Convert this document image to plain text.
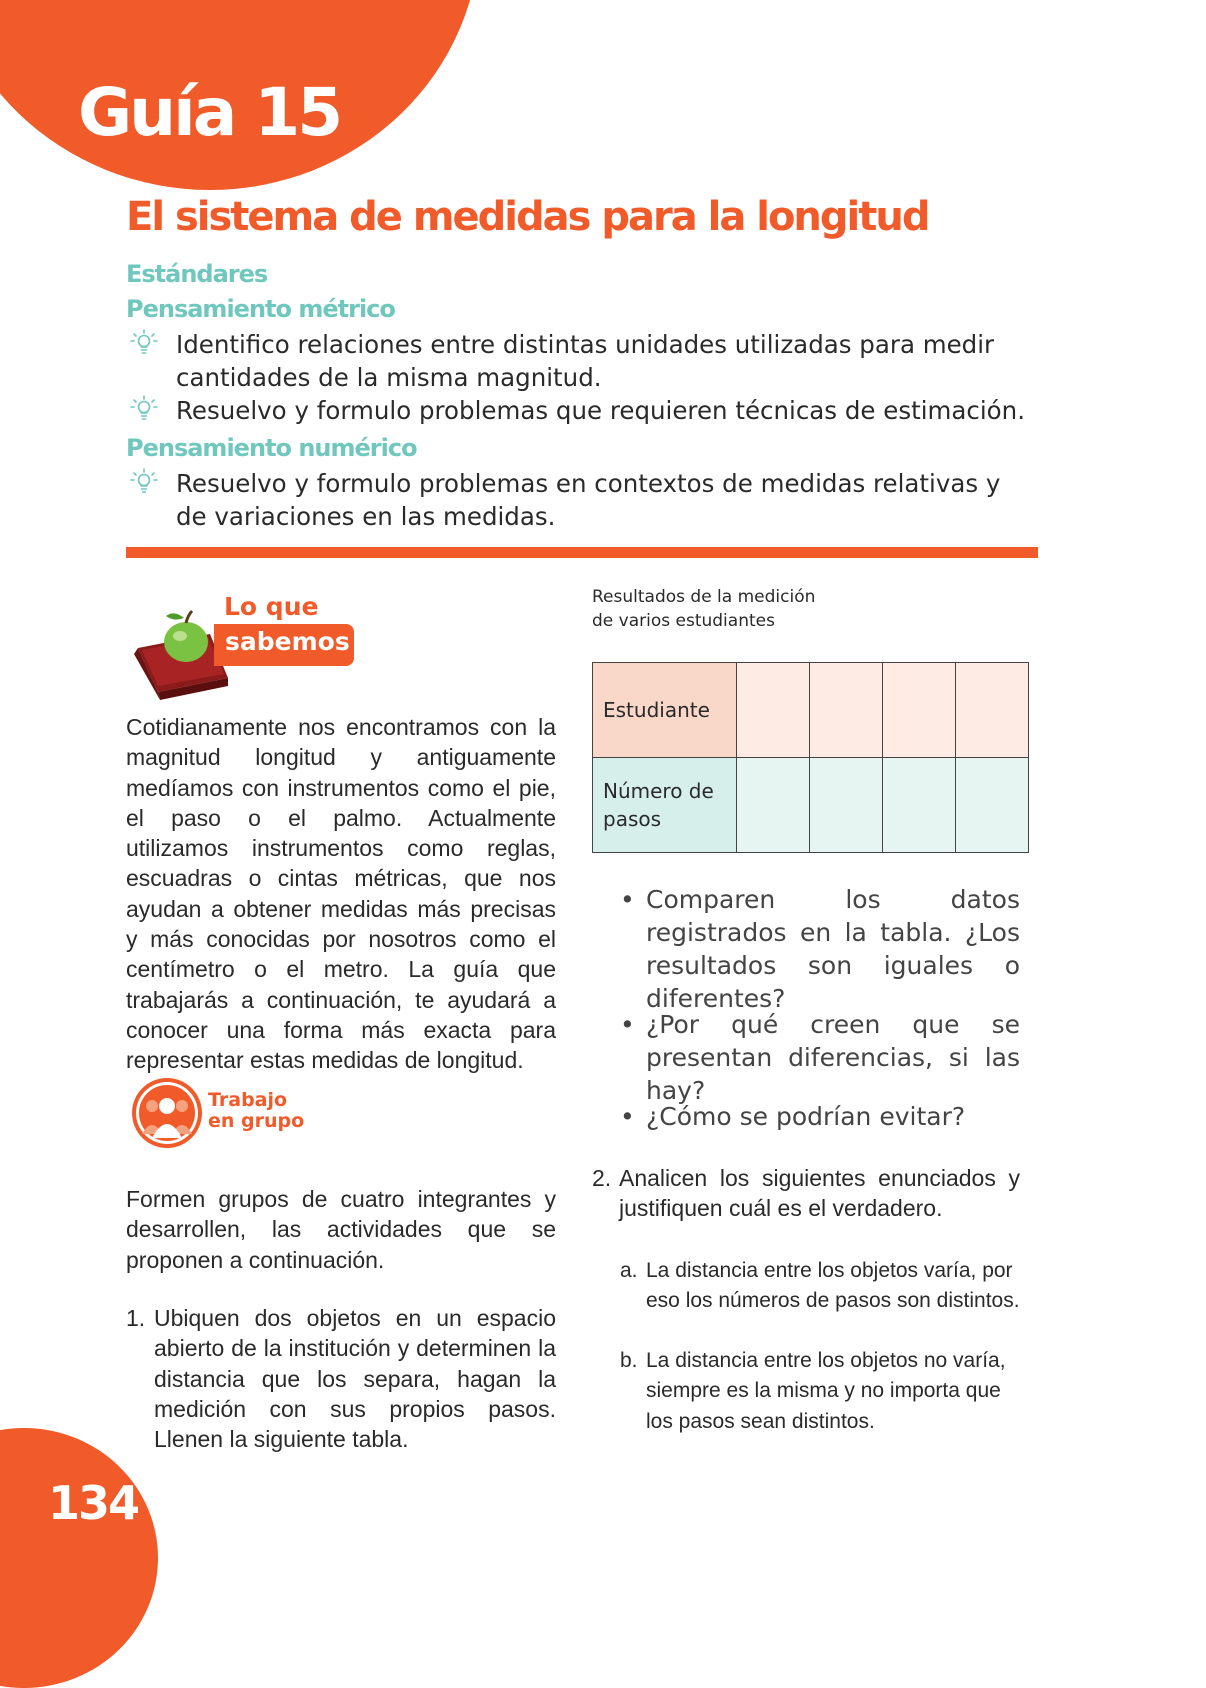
Guía 15
El sistema de medidas para la longitud
Estándares
Pensamiento métrico
Identifico relaciones entre distintas unidades utilizadas para medir cantidades de la misma magnitud.
Resuelvo y formulo problemas que requieren técnicas de estimación.
Pensamiento numérico
Resuelvo y formulo problemas en contextos de medidas relativas y de variaciones en las medidas.
Lo que
sabemos
Cotidianamente nos encontramos con la magnitud longitud y antiguamente medíamos con instrumentos como el pie, el paso o el palmo. Actualmente utilizamos instrumentos como reglas, escuadras o cintas métricas, que nos ayudan a obtener medidas más precisas y más conocidas por nosotros como el centímetro o el metro. La guía que trabajarás a continuación, te ayudará a conocer una forma más exacta para representar estas medidas de longitud.
Trabajo
en grupo
Formen grupos de cuatro integrantes y desarrollen, las actividades que se proponen a continuación.
1. Ubiquen dos objetos en un espacio abierto de la institución y determinen la distancia que los separa, hagan la medición con sus propios pasos. Llenen la siguiente tabla.
Resultados de la medición
de varios estudiantes
Estudiante				
Número de pasos				
• Comparen los datos registrados en la tabla. ¿Los resultados son iguales o diferentes?
• ¿Por qué creen que se presentan diferencias, si las hay?
• ¿Cómo se podrían evitar?
2. Analicen los siguientes enunciados y justifiquen cuál es el verdadero.
a. La distancia entre los objetos varía, por eso los números de pasos son distintos.
b. La distancia entre los objetos no varía, siempre es la misma y no importa que los pasos sean distintos.
134
